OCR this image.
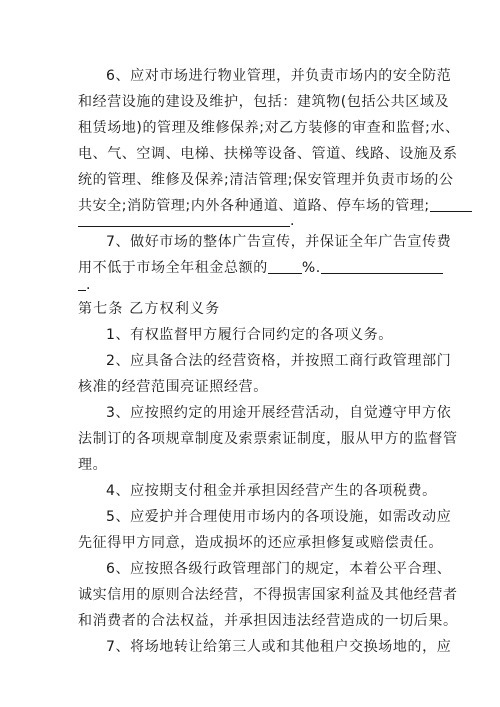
6、应对市场进行物业管理，并负责市场内的安全防范
和经营设施的建设及维护，包括：建筑物(包括公共区域及
租赁场地)的管理及维修保养;对乙方装修的审查和监督;水、
电、气、空调、电梯、扶梯等设备、管道、线路、设施及系
统的管理、维修及保养;清洁管理;保安管理并负责市场的公
共安全;消防管理;内外各种通道、道路、停车场的管理;
.
7、做好市场的整体广告宣传，并保证全年广告宣传费
用不低于市场全年租金总额的 %.
.
第七条 乙方权利义务
1、有权监督甲方履行合同约定的各项义务。
2、应具备合法的经营资格，并按照工商行政管理部门
核准的经营范围亮证照经营。
3、应按照约定的用途开展经营活动，自觉遵守甲方依
法制订的各项规章制度及索票索证制度，服从甲方的监督管
理。
4、应按期支付租金并承担因经营产生的各项税费。
5、应爱护并合理使用市场内的各项设施，如需改动应
先征得甲方同意，造成损坏的还应承担修复或赔偿责任。
6、应按照各级行政管理部门的规定，本着公平合理、
诚实信用的原则合法经营，不得损害国家利益及其他经营者
和消费者的合法权益，并承担因违法经营造成的一切后果。
7、将场地转让给第三人或和其他租户交换场地的，应
